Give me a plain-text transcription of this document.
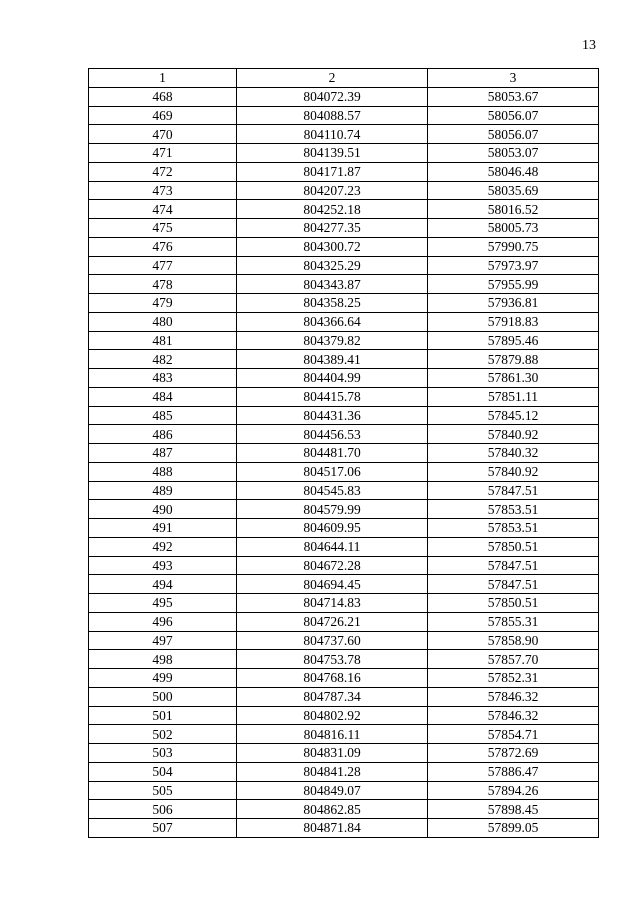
13
1	2	3
468	804072.39	58053.67
469	804088.57	58056.07
470	804110.74	58056.07
471	804139.51	58053.07
472	804171.87	58046.48
473	804207.23	58035.69
474	804252.18	58016.52
475	804277.35	58005.73
476	804300.72	57990.75
477	804325.29	57973.97
478	804343.87	57955.99
479	804358.25	57936.81
480	804366.64	57918.83
481	804379.82	57895.46
482	804389.41	57879.88
483	804404.99	57861.30
484	804415.78	57851.11
485	804431.36	57845.12
486	804456.53	57840.92
487	804481.70	57840.32
488	804517.06	57840.92
489	804545.83	57847.51
490	804579.99	57853.51
491	804609.95	57853.51
492	804644.11	57850.51
493	804672.28	57847.51
494	804694.45	57847.51
495	804714.83	57850.51
496	804726.21	57855.31
497	804737.60	57858.90
498	804753.78	57857.70
499	804768.16	57852.31
500	804787.34	57846.32
501	804802.92	57846.32
502	804816.11	57854.71
503	804831.09	57872.69
504	804841.28	57886.47
505	804849.07	57894.26
506	804862.85	57898.45
507	804871.84	57899.05
